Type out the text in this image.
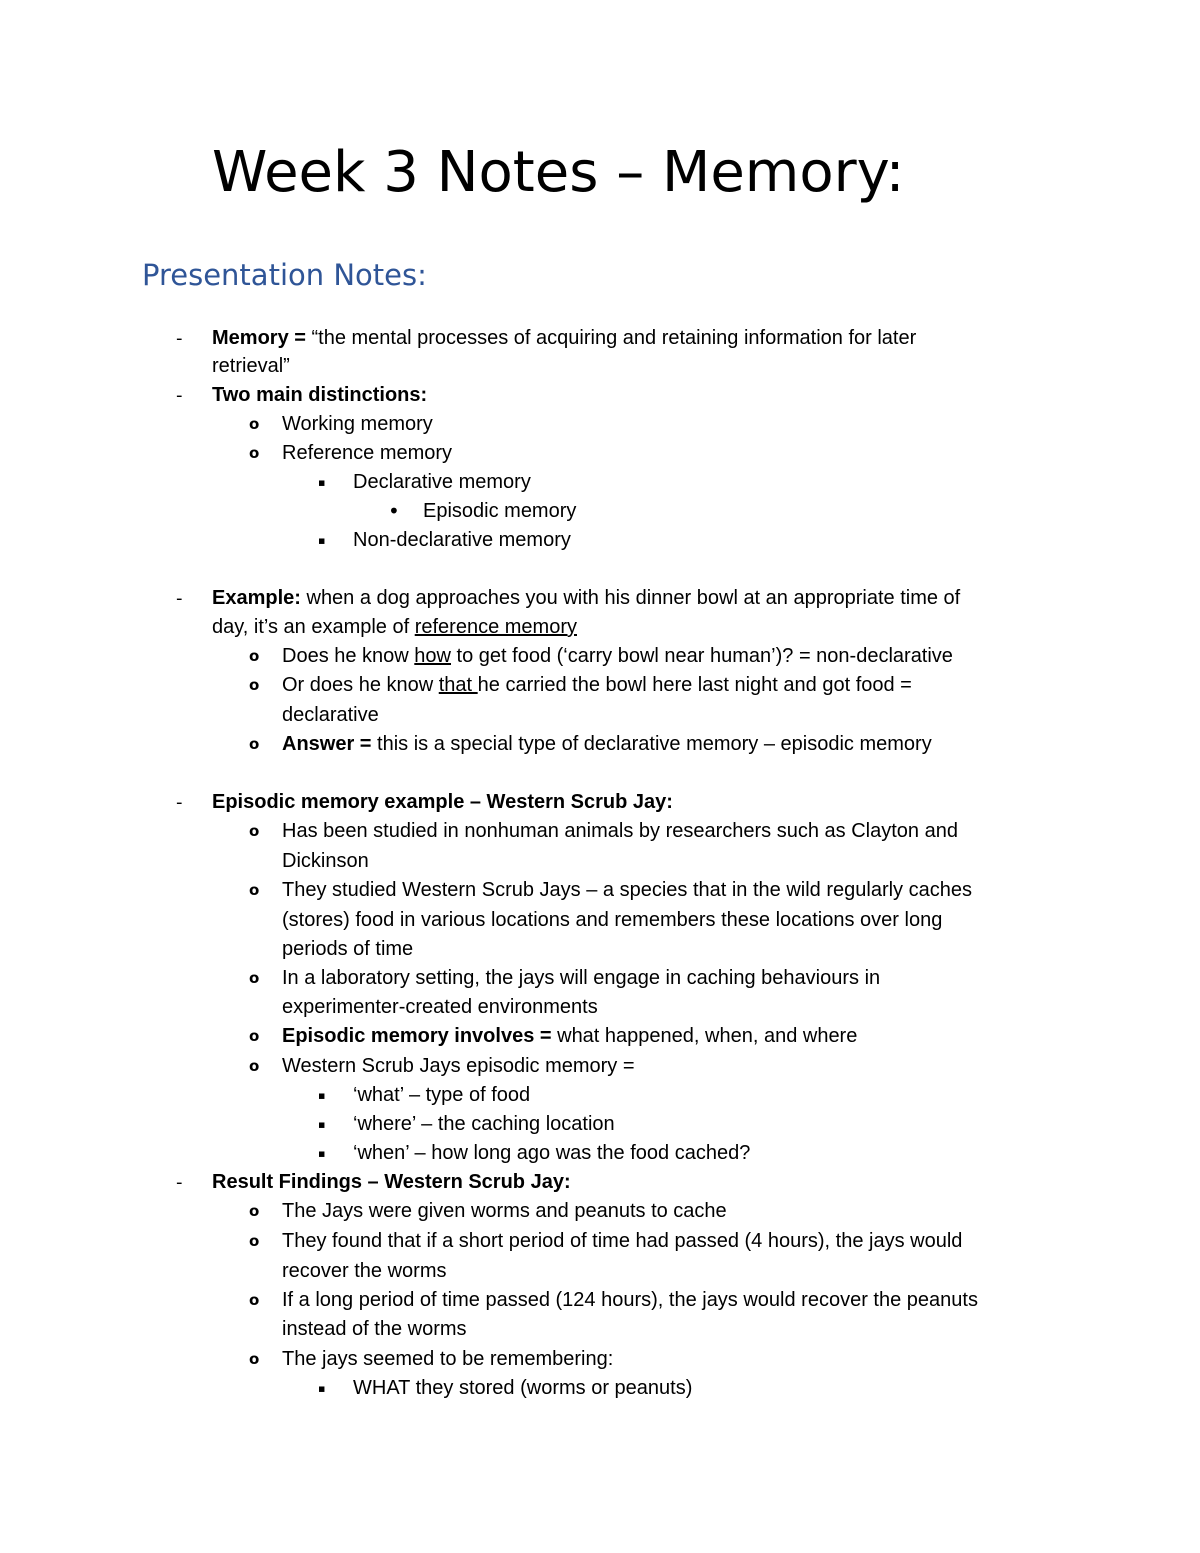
Week 3 Notes – Memory:
Presentation Notes:
- Memory = “the mental processes of acquiring and retaining information for later
retrieval”
- Two main distinctions:
o Working memory
o Reference memory
▪ Declarative memory
• Episodic memory
▪ Non-declarative memory
- Example: when a dog approaches you with his dinner bowl at an appropriate time of
day, it’s an example of reference memory
o Does he know how to get food (‘carry bowl near human’)? = non-declarative
o Or does he know that he carried the bowl here last night and got food =
declarative
o Answer = this is a special type of declarative memory – episodic memory
- Episodic memory example – Western Scrub Jay:
o Has been studied in nonhuman animals by researchers such as Clayton and
Dickinson
o They studied Western Scrub Jays – a species that in the wild regularly caches
(stores) food in various locations and remembers these locations over long
periods of time
o In a laboratory setting, the jays will engage in caching behaviours in
experimenter-created environments
o Episodic memory involves = what happened, when, and where
o Western Scrub Jays episodic memory =
▪ ‘what’ – type of food
▪ ‘where’ – the caching location
▪ ‘when’ – how long ago was the food cached?
- Result Findings – Western Scrub Jay:
o The Jays were given worms and peanuts to cache
o They found that if a short period of time had passed (4 hours), the jays would
recover the worms
o If a long period of time passed (124 hours), the jays would recover the peanuts
instead of the worms
o The jays seemed to be remembering:
▪ WHAT they stored (worms or peanuts)
